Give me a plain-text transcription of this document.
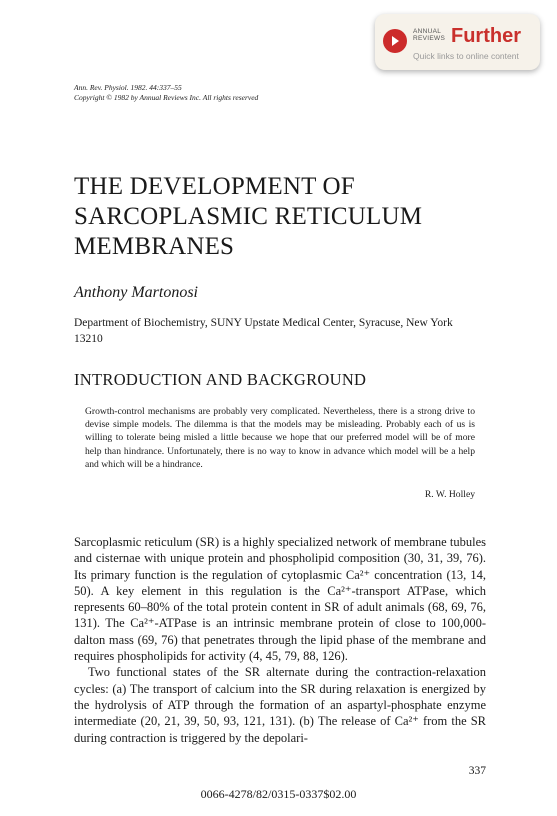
ANNUAL
REVIEWS Further
Quick links to online content
Ann. Rev. Physiol. 1982. 44:337–55
Copyright © 1982 by Annual Reviews Inc. All rights reserved
THE DEVELOPMENT OF
SARCOPLASMIC RETICULUM
MEMBRANES
Anthony Martonosi
Department of Biochemistry, SUNY Upstate Medical Center, Syracuse, New York 13210
INTRODUCTION AND BACKGROUND
Growth-control mechanisms are probably very complicated. Nevertheless, there is a strong drive to devise simple models. The dilemma is that the models may be misleading. Probably each of us is willing to tolerate being misled a little because we hope that our preferred model will be of more help than hindrance. Unfortunately, there is no way to know in advance which model will be a help and which will be a hindrance.
R. W. Holley

Sarcoplasmic reticulum (SR) is a highly specialized network of membrane tubules and cisternae with unique protein and phospholipid composition (30, 31, 39, 76). Its primary function is the regulation of cytoplasmic Ca²⁺ concentration (13, 14, 50). A key element in this regulation is the Ca²⁺-transport ATPase, which represents 60–80% of the total protein content in SR of adult animals (68, 69, 76, 131). The Ca²⁺-ATPase is an intrinsic membrane protein of close to 100,000-dalton mass (69, 76) that penetrates through the lipid phase of the membrane and requires phospholipids for activity (4, 45, 79, 88, 126).

Two functional states of the SR alternate during the contraction-relaxation cycles: (a) The transport of calcium into the SR during relaxation is energized by the hydrolysis of ATP through the formation of an aspartyl-phosphate enzyme intermediate (20, 21, 39, 50, 93, 121, 131). (b) The release of Ca²⁺ from the SR during contraction is triggered by the depolari-

337
0066-4278/82/0315-0337$02.00
